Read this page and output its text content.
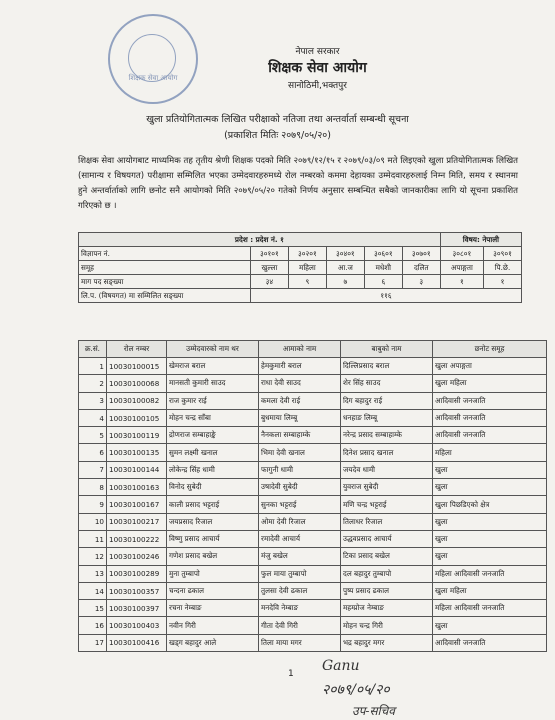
शिक्षक सेवा आयोग
नेपाल सरकार
शिक्षक सेवा आयोग
सानोठिमी,भक्तपुर
खुला प्रतियोगितात्मक लिखित परीक्षाको नतिजा तथा अन्तर्वार्ता सम्बन्धी सूचना
(प्रकाशित मितिः २०७९/०५/२०)
शिक्षक सेवा आयोगबाट माध्यमिक तह तृतीय श्रेणी शिक्षक पदको मिति २०७९/१२/१५ र २०७९/०३/०९ मते लिइएको खुला प्रतियोगितात्मक लिखित (सामान्य र विषयगत) परीक्षामा सम्मिलित भएका उम्मेदवारहरुमध्ये रोल नम्बरको कममा देहायका उम्मेदवारहरुलाई निम्न मिति, समय र स्थानमा हुने अन्तर्वार्ताको लागि छनोट सनै आयोगको मिति २०७९/०५/२० गतेको निर्णय अनुसार सम्बन्धित सबैको जानकारीका लागि यो सूचना प्रकाशित गरिएको छ ।
प्रदेश : प्रदेश नं. १						विषय: नेपाली	
विज्ञापन नं.	३०१०१	३०२०१	३०४०१	३०६०१	३०७०१	३०८०१	३०९०१
समूह	खुल्ला	महिला	आ.ज	मधेशी	दलित	अपाङ्गता	पि.छे.
माग पद सङ्ख्या	३४	९	७	६	३	१	१
लि.प. (विषयगत) मा सम्मिलित सङ्ख्या	११६						
क्र.सं.	रोल नम्बर	उम्मेदवारको नाम थर	आमाको नाम	बाबुको नाम	छनोट समूह
1	10030100015	खेमराज बराल	हेमकुमारी बराल	दिल्लिप्रसाद बराल	खुला अपाङ्गता
2	10030100068	मानसती कुमारी साउद	राधा देवी साउद	शेर सिंह साउद	खुला महिला
3	10030100082	राज कुमार राई	कमला देवी राई	दिग बहादुर राई	आदिवासी जनजाति
4	10030100105	मोहन चन्द्र साँबा	बुधमाया लिम्बू	धनहाङ लिम्बू	आदिवासी जनजाति
5	10030100119	द्रोणराज सम्बाहाङ्के	नैनकला सम्बाहाम्के	नरेन्द्र प्रसाद सम्बाहाम्के	आदिवासी जनजाति
6	10030100135	सुमन लक्ष्मी खनाल	भिमा देवी खनाल	दिनेश प्रसाद खनाल	महिला
7	10030100144	लोकेन्द्र सिंह धामी	फागुनी धामी	जयदेव धामी	खुला
8	10030100163	विनोद सुबेदी	उषादेवी सुबेदी	युवराज सुबेदी	खुला
9	10030100167	काली प्रसाद भट्टराई	सुनका भट्टराई	मणि चन्द्र भट्टराई	खुला पिछडिएको क्षेत्र
10	10030100217	जयप्रसाद रिजाल	ओमा देवी रिजाल	तिलाधर रिजाल	खुला
11	10030100222	विष्णु प्रसाद आचार्य	रमादेवी आचार्य	उद्धवप्रसाद आचार्य	खुला
12	10030100246	गणेश प्रसाद बखेल	मंजु बखेल	टिका प्रसाद बखेल	खुला
13	10030100289	मुना तुम्बापो	फुल माया तुम्बापो	दल बहादुर तुम्बापो	महिला आदिवासी जनजाति
14	10030100357	चन्दना ढकाल	तुलसा देवी ढकाल	पुष्प प्रसाद ढकाल	खुला महिला
15	10030100397	रचना नेम्बाङ	मनदेवि नेम्बाङ	महम्प्रोज नेम्बाङ	महिला आदिवासी जनजाति
16	10030100403	नवीन गिरी	गीता देवी गिरी	मोहन चन्द्र गिरी	खुला
17	10030100416	खड्ग बहादुर आले	तिला माया मगर	भद्र बहादुर मगर	आदिवासी जनजाति
1 Ganu
२०७९/०५/२०
उप-सचिव
